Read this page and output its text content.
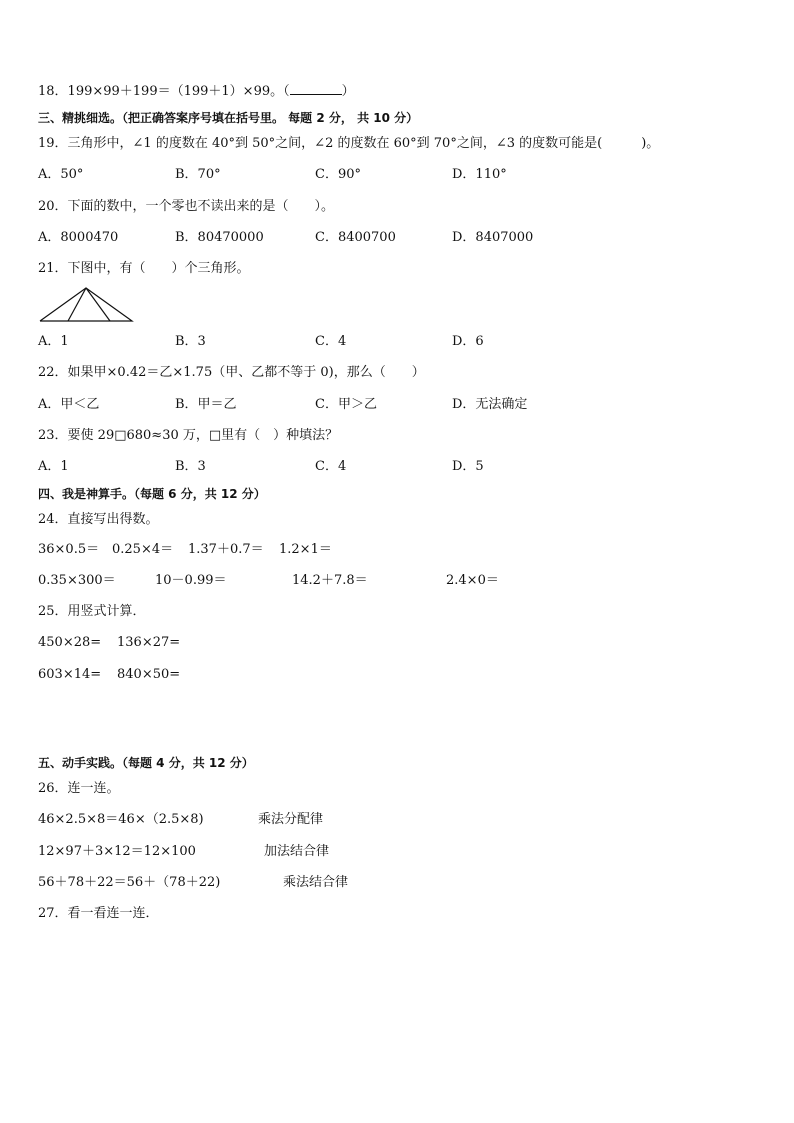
18．199×99＋199＝（199＋1）×99。（	）
三、精挑细选。（把正确答案序号填在括号里。 每题 2 分， 共 10 分）
19．三角形中，∠1 的度数在 40°到 50°之间，∠2 的度数在 60°到 70°之间，∠3 的度数可能是(　　　)。
A．50°	B．70°	C．90°	D．110°
20．下面的数中，一个零也不读出来的是（　　）。
A．8000470	B．80470000	C．8400700	D．8407000
21．下图中，有（　　）个三角形。
A．1	B．3	C．4	D．6
22．如果甲×0.42＝乙×1.75（甲、乙都不等于 0)，那么（　　）
A．甲＜乙	B．甲＝乙	C．甲＞乙	D．无法确定
23．要使 29□680≈30 万，□里有（　）种填法？
A．1	B．3	C．4	D．5
四、我是神算手。（每题 6 分，共 12 分）
24．直接写出得数。
36×0.5＝ 0.25×4＝ 1.37＋0.7＝ 1.2×1＝
0.35×300＝	10－0.99＝	14.2＋7.8＝	2.4×0＝
25．用竖式计算．
450×28= 136×27=
603×14= 840×50=
五、动手实践。（每题 4 分，共 12 分）
26．连一连。
46×2.5×8＝46×（2.5×8)	乘法分配律
12×97＋3×12＝12×100	加法结合律
56＋78＋22＝56＋（78＋22)	乘法结合律
27．看一看连一连．
